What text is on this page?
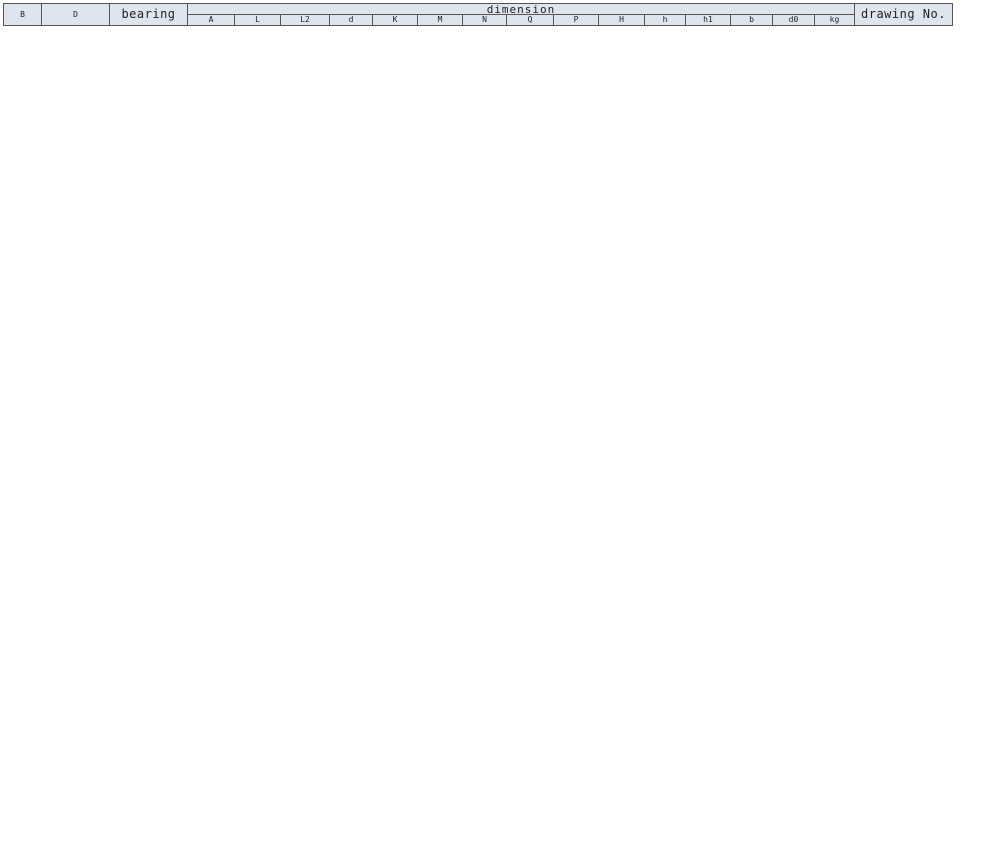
B	D	bearing	dimension															drawing No.
			A	L	L2	d	K	M	N	Q	P	H	h	h1	b	d0	kg	
